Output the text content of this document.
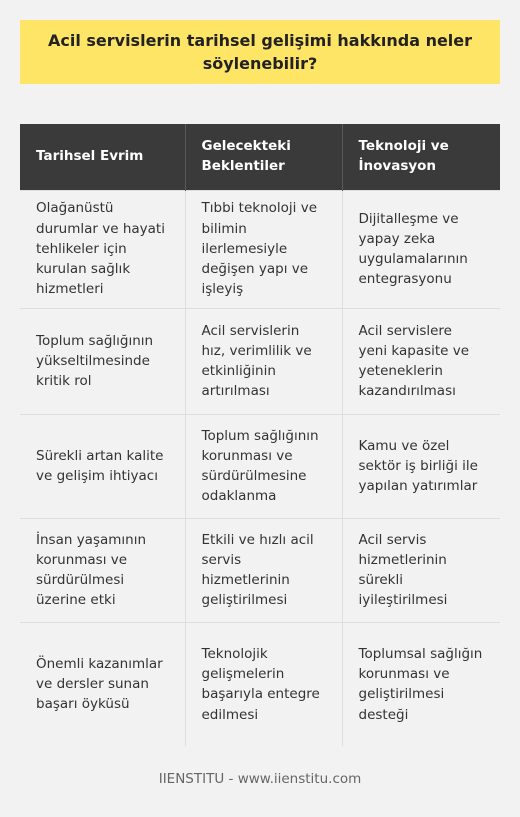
Acil servislerin tarihsel gelişimi hakkında neler söylenebilir?
Tarihsel Evrim	Gelecekteki Beklentiler	Teknoloji ve İnovasyon
Olağanüstü durumlar ve hayati tehlikeler için kurulan sağlık hizmetleri	Tıbbi teknoloji ve bilimin ilerlemesiyle değişen yapı ve işleyiş	Dijitalleşme ve yapay zeka uygulamalarının entegrasyonu
Toplum sağlığının yükseltilmesinde kritik rol	Acil servislerin hız, verimlilik ve etkinliğinin artırılması	Acil servislere yeni kapasite ve yeteneklerin kazandırılması
Sürekli artan kalite ve gelişim ihtiyacı	Toplum sağlığının korunması ve sürdürülmesine odaklanma	Kamu ve özel sektör iş birliği ile yapılan yatırımlar
İnsan yaşamının korunması ve sürdürülmesi üzerine etki	Etkili ve hızlı acil servis hizmetlerinin geliştirilmesi	Acil servis hizmetlerinin sürekli iyileştirilmesi
Önemli kazanımlar ve dersler sunan başarı öyküsü	Teknolojik gelişmelerin başarıyla entegre edilmesi	Toplumsal sağlığın korunması ve geliştirilmesi desteği
IIENSTITU - www.iienstitu.com
